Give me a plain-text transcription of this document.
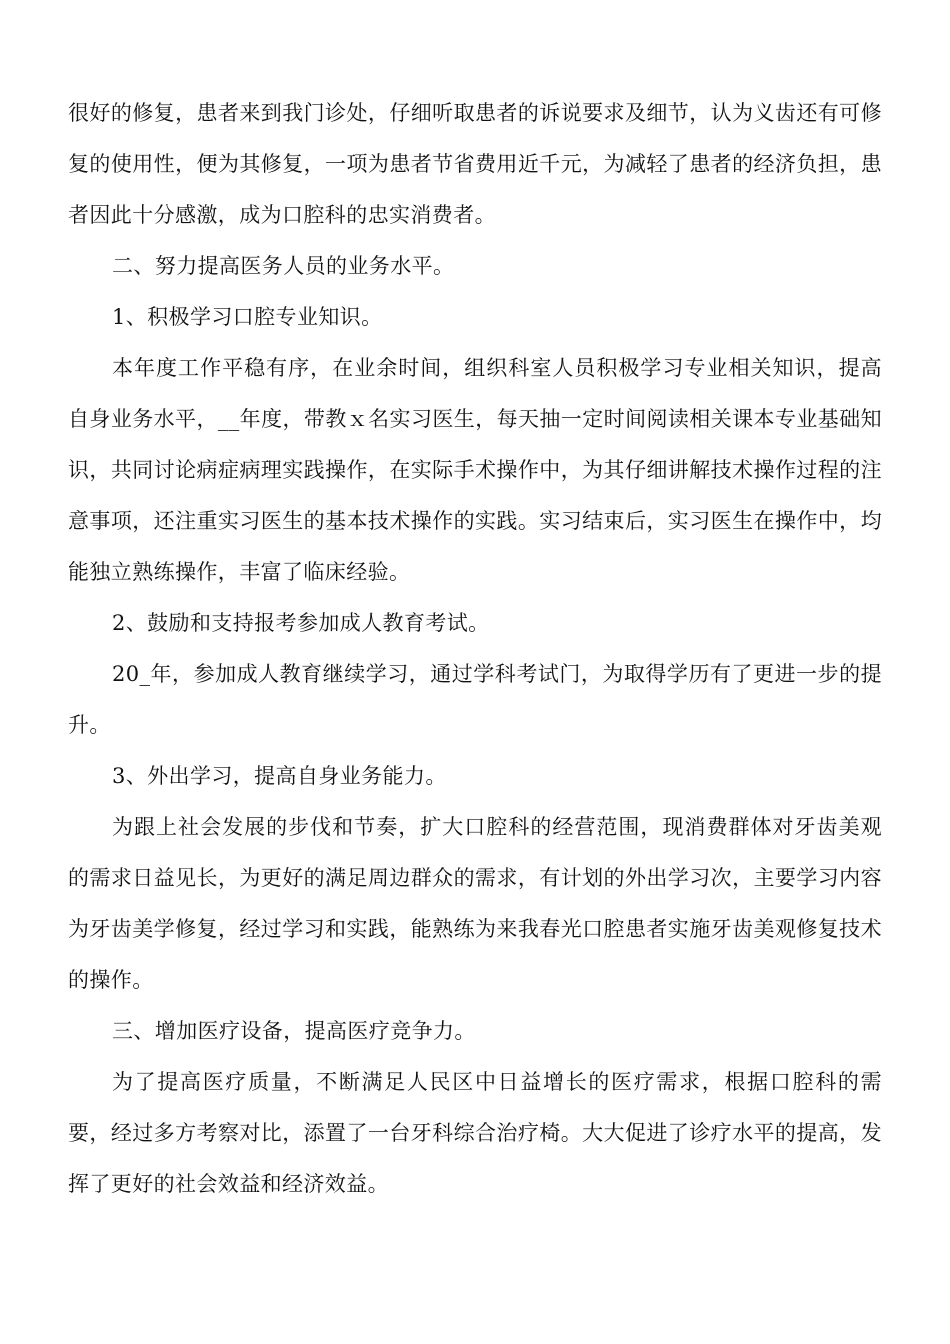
很好的修复，患者来到我门诊处，仔细听取患者的诉说要求及细节，认为义齿还有可修复的使用性，便为其修复，一项为患者节省费用近千元，为减轻了患者的经济负担，患者因此十分感激，成为口腔科的忠实消费者。

二、努力提高医务人员的业务水平。

1、积极学习口腔专业知识。

本年度工作平稳有序，在业余时间，组织科室人员积极学习专业相关知识，提高自身业务水平，__年度，带教ｘ名实习医生，每天抽一定时间阅读相关课本专业基础知识，共同讨论病症病理实践操作，在实际手术操作中，为其仔细讲解技术操作过程的注意事项，还注重实习医生的基本技术操作的实践。实习结束后，实习医生在操作中，均能独立熟练操作，丰富了临床经验。

2、鼓励和支持报考参加成人教育考试。

20_年，参加成人教育继续学习，通过学科考试门，为取得学历有了更进一步的提升。

3、外出学习，提高自身业务能力。

为跟上社会发展的步伐和节奏，扩大口腔科的经营范围，现消费群体对牙齿美观的需求日益见长，为更好的满足周边群众的需求，有计划的外出学习次，主要学习内容为牙齿美学修复，经过学习和实践，能熟练为来我春光口腔患者实施牙齿美观修复技术的操作。

三、增加医疗设备，提高医疗竞争力。

为了提高医疗质量，不断满足人民区中日益增长的医疗需求，根据口腔科的需要，经过多方考察对比，添置了一台牙科综合治疗椅。大大促进了诊疗水平的提高，发挥了更好的社会效益和经济效益。
